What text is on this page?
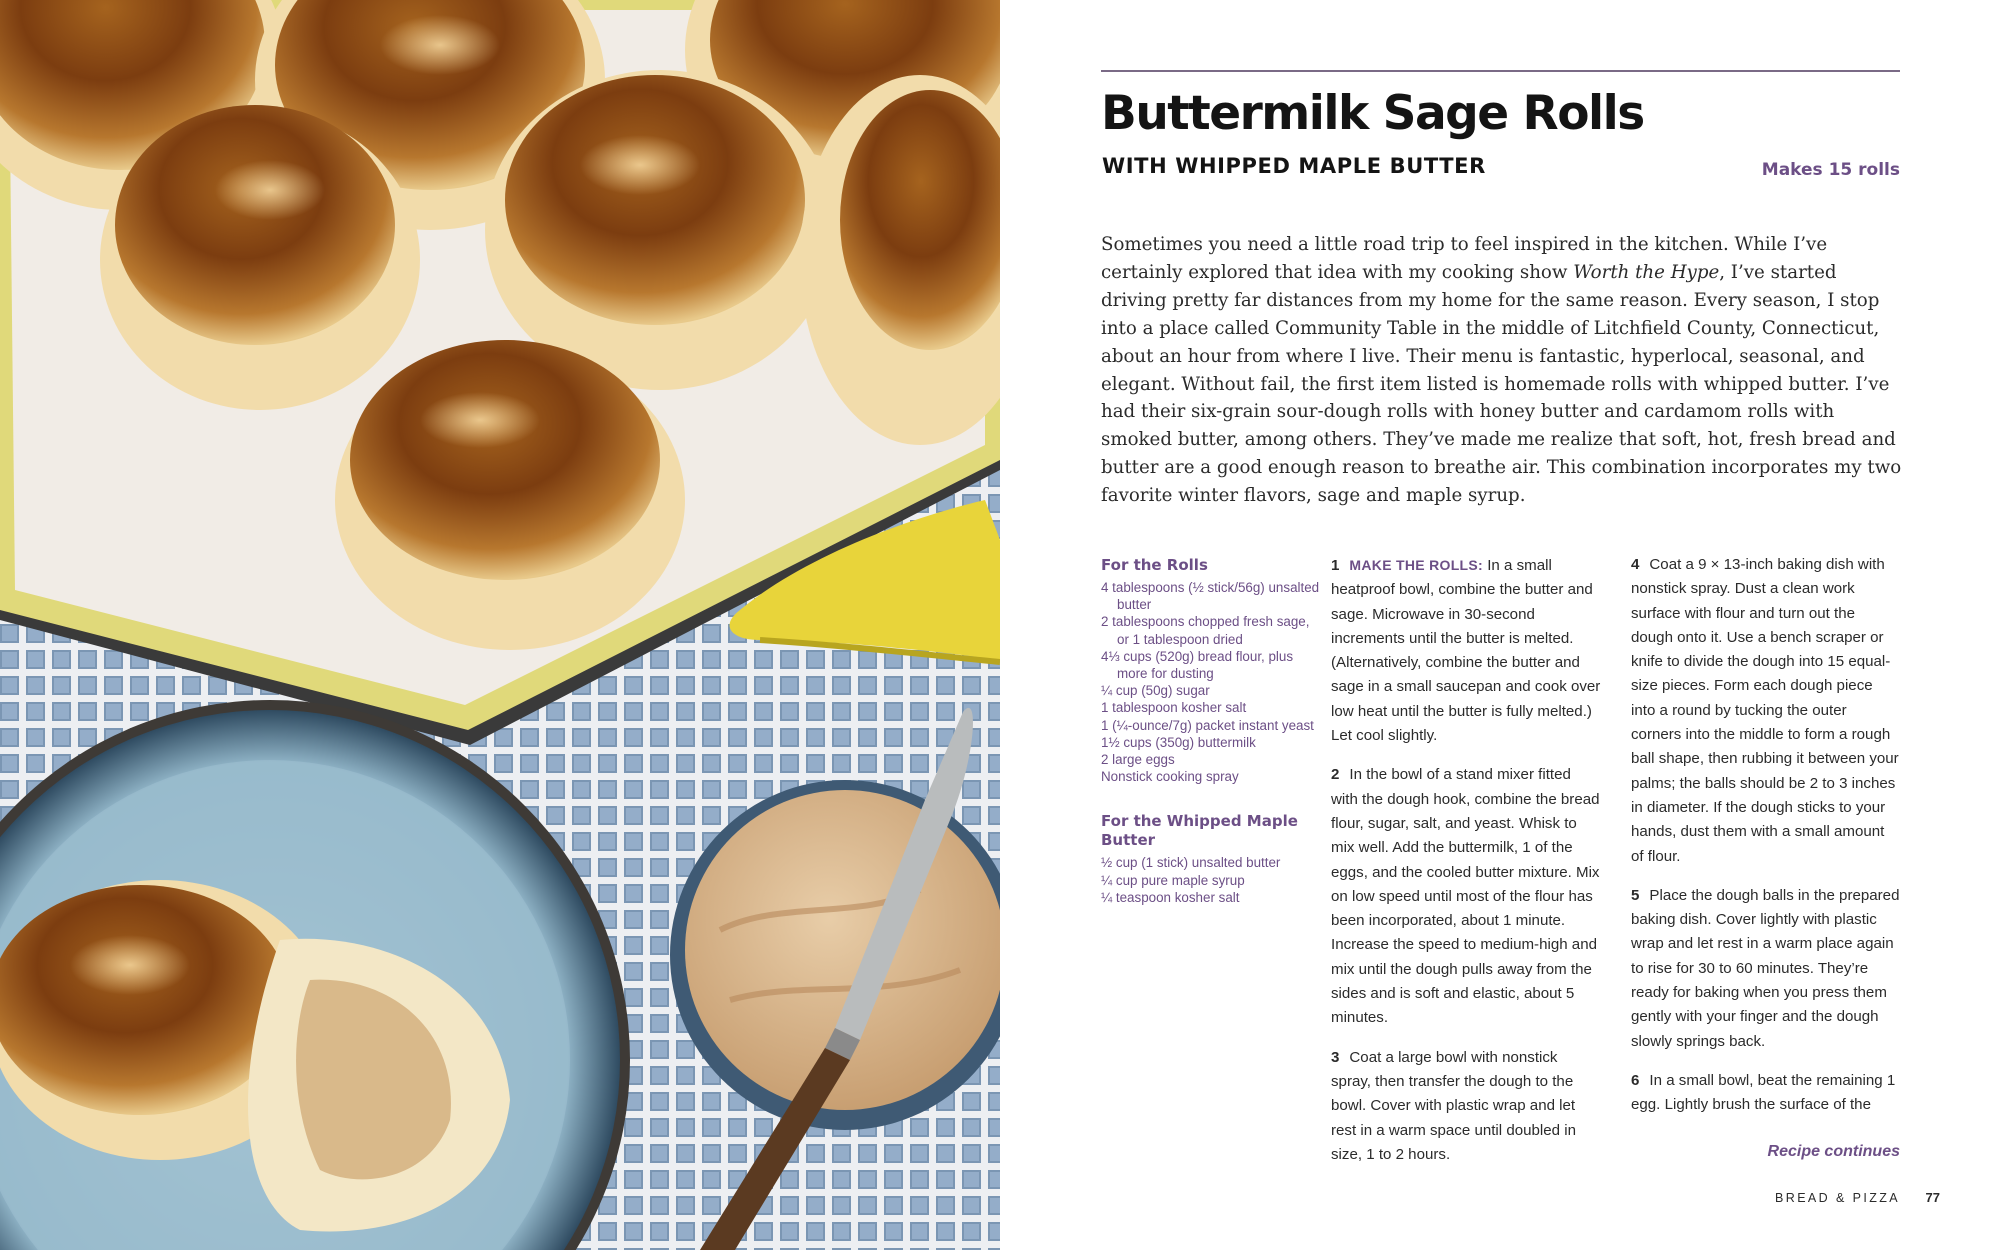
Buttermilk Sage Rolls
WITH WHIPPED MAPLE BUTTER	Makes 15 rolls

Sometimes you need a little road trip to feel inspired in the kitchen. While I’ve certainly explored that idea with my cooking show Worth the Hype, I’ve started driving pretty far distances from my home for the same reason. Every season, I stop into a place called Community Table in the middle of Litchfield County, Connecticut, about an hour from where I live. Their menu is fantastic, hyperlocal, seasonal, and elegant. Without fail, the first item listed is homemade rolls with whipped butter. I’ve had their six-grain sour-dough rolls with honey butter and cardamom rolls with smoked butter, among others. They’ve made me realize that soft, hot, fresh bread and butter are a good enough reason to breathe air. This combination incorporates my two favorite winter flavors, sage and maple syrup.

For the Rolls
4 tablespoons (½ stick/56g) unsalted butter
2 tablespoons chopped fresh sage, or 1 tablespoon dried
4⅓ cups (520g) bread flour, plus more for dusting
¼ cup (50g) sugar
1 tablespoon kosher salt
1 (¼-ounce/7g) packet instant yeast
1½ cups (350g) buttermilk
2 large eggs
Nonstick cooking spray
For the Whipped Maple Butter
½ cup (1 stick) unsalted butter
¼ cup pure maple syrup
¼ teaspoon kosher salt

1 MAKE THE ROLLS: In a small heatproof bowl, combine the butter and sage. Microwave in 30-second increments until the butter is melted. (Alternatively, combine the butter and sage in a small saucepan and cook over low heat until the butter is fully melted.) Let cool slightly.

2 In the bowl of a stand mixer fitted with the dough hook, combine the bread flour, sugar, salt, and yeast. Whisk to mix well. Add the buttermilk, 1 of the eggs, and the cooled butter mixture. Mix on low speed until most of the flour has been incorporated, about 1 minute. Increase the speed to medium-high and mix until the dough pulls away from the sides and is soft and elastic, about 5 minutes.

3 Coat a large bowl with nonstick spray, then transfer the dough to the bowl. Cover with plastic wrap and let rest in a warm space until doubled in size, 1 to 2 hours.

4 Coat a 9 × 13-inch baking dish with nonstick spray. Dust a clean work surface with flour and turn out the dough onto it. Use a bench scraper or knife to divide the dough into 15 equal-size pieces. Form each dough piece into a round by tucking the outer corners into the middle to form a rough ball shape, then rubbing it between your palms; the balls should be 2 to 3 inches in diameter. If the dough sticks to your hands, dust them with a small amount of flour.

5 Place the dough balls in the prepared baking dish. Cover lightly with plastic wrap and let rest in a warm place again to rise for 30 to 60 minutes. They’re ready for baking when you press them gently with your finger and the dough slowly springs back.

6 In a small bowl, beat the remaining 1 egg. Lightly brush the surface of the

Recipe continues
BREAD & PIZZA 77
